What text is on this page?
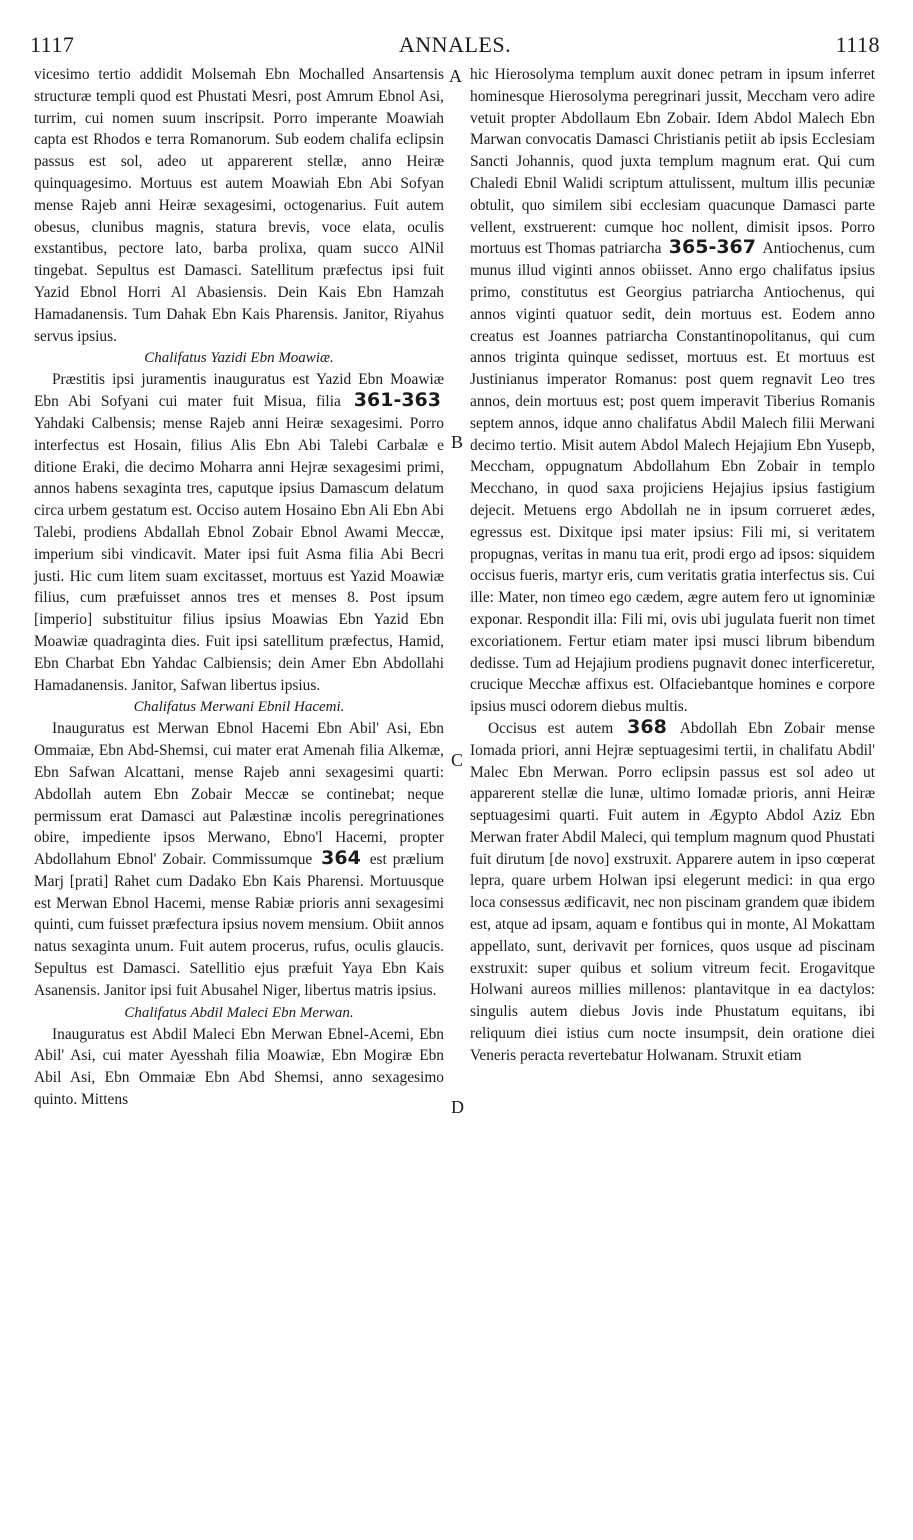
1117	ANNALES.	1118
A
B
C
D

vicesimo tertio addidit Molsemah Ebn Mochalled Ansartensis structuræ templi quod est Phustati Mesri, post Amrum Ebnol Asi, turrim, cui nomen suum inscripsit. Porro imperante Moawiah capta est Rhodos e terra Romanorum. Sub eodem chalifa eclipsin passus est sol, adeo ut apparerent stellæ, anno Heiræ quinquagesimo. Mortuus est autem Moawiah Ebn Abi Sofyan mense Rajeb anni Heiræ sexagesimi, octogenarius. Fuit autem obesus, clunibus magnis, statura brevis, voce elata, oculis exstantibus, pectore lato, barba prolixa, quam succo AlNil tingebat. Sepultus est Damasci. Satellitum præfectus ipsi fuit Yazid Ebnol Horri Al Abasiensis. Dein Kais Ebn Hamzah Hamadanensis. Tum Dahak Ebn Kais Pharensis. Janitor, Riyahus servus ipsius.

Chalifatus Yazidi Ebn Moawiæ.

Præstitis ipsi juramentis inauguratus est Yazid Ebn Moawiæ Ebn Abi Sofyani cui mater fuit Misua, filia 361-363 Yahdaki Calbensis; mense Rajeb anni Heiræ sexagesimi. Porro interfectus est Hosain, filius Alis Ebn Abi Talebi Carbalæ e ditione Eraki, die decimo Moharra anni Hejræ sexagesimi primi, annos habens sexaginta tres, caputque ipsius Damascum delatum circa urbem gestatum est. Occiso autem Hosaino Ebn Ali Ebn Abi Talebi, prodiens Abdallah Ebnol Zobair Ebnol Awami Meccæ, imperium sibi vindicavit. Mater ipsi fuit Asma filia Abi Becri justi. Hic cum litem suam excitasset, mortuus est Yazid Moawiæ filius, cum præfuisset annos tres et menses 8. Post ipsum [imperio] substituitur filius ipsius Moawias Ebn Yazid Ebn Moawiæ quadraginta dies. Fuit ipsi satellitum præfectus, Hamid, Ebn Charbat Ebn Yahdac Calbiensis; dein Amer Ebn Abdollahi Hamadanensis. Janitor, Safwan libertus ipsius.

Chalifatus Merwani Ebnil Hacemi.

Inauguratus est Merwan Ebnol Hacemi Ebn Abil' Asi, Ebn Ommaiæ, Ebn Abd-Shemsi, cui mater erat Amenah filia Alkemæ, Ebn Safwan Alcattani, mense Rajeb anni sexagesimi quarti: Abdollah autem Ebn Zobair Meccæ se continebat; neque permissum erat Damasci aut Palæstinæ incolis peregrinationes obire, impediente ipsos Merwano, Ebno'l Hacemi, propter Abdollahum Ebnol' Zobair. Commissumque 364 est prælium Marj [prati] Rahet cum Dadako Ebn Kais Pharensi. Mortuusque est Merwan Ebnol Hacemi, mense Rabiæ prioris anni sexagesimi quinti, cum fuisset præfectura ipsius novem mensium. Obiit annos natus sexaginta unum. Fuit autem procerus, rufus, oculis glaucis. Sepultus est Damasci. Satellitio ejus præfuit Yaya Ebn Kais Asanensis. Janitor ipsi fuit Abusahel Niger, libertus matris ipsius.

Chalifatus Abdil Maleci Ebn Merwan.

Inauguratus est Abdil Maleci Ebn Merwan Ebnel-Acemi, Ebn Abil' Asi, cui mater Ayesshah filia Moawiæ, Ebn Mogiræ Ebn Abil Asi, Ebn Ommaiæ Ebn Abd Shemsi, anno sexagesimo quinto. Mittens

hic Hierosolyma templum auxit donec petram in ipsum inferret hominesque Hierosolyma peregrinari jussit, Meccham vero adire vetuit propter Abdollaum Ebn Zobair. Idem Abdol Malech Ebn Marwan convocatis Damasci Christianis petiit ab ipsis Ecclesiam Sancti Johannis, quod juxta templum magnum erat. Qui cum Chaledi Ebnil Walidi scriptum attulissent, multum illis pecuniæ obtulit, quo similem sibi ecclesiam quacunque Damasci parte vellent, exstruerent: cumque hoc nollent, dimisit ipsos. Porro mortuus est Thomas patriarcha 365-367 Antiochenus, cum munus illud viginti annos obiisset. Anno ergo chalifatus ipsius primo, constitutus est Georgius patriarcha Antiochenus, qui annos viginti quatuor sedit, dein mortuus est. Eodem anno creatus est Joannes patriarcha Constantinopolitanus, qui cum annos triginta quinque sedisset, mortuus est. Et mortuus est Justinianus imperator Romanus: post quem regnavit Leo tres annos, dein mortuus est; post quem imperavit Tiberius Romanis septem annos, idque anno chalifatus Abdil Malech filii Merwani decimo tertio. Misit autem Abdol Malech Hejajium Ebn Yusepb, Meccham, oppugnatum Abdollahum Ebn Zobair in templo Mecchano, in quod saxa projiciens Hejajius ipsius fastigium dejecit. Metuens ergo Abdollah ne in ipsum corrueret ædes, egressus est. Dixitque ipsi mater ipsius: Fili mi, si veritatem propugnas, veritas in manu tua erit, prodi ergo ad ipsos: siquidem occisus fueris, martyr eris, cum veritatis gratia interfectus sis. Cui ille: Mater, non timeo ego cædem, ægre autem fero ut ignominiæ exponar. Respondit illa: Fili mi, ovis ubi jugulata fuerit non timet excoriationem. Fertur etiam mater ipsi musci librum bibendum dedisse. Tum ad Hejajium prodiens pugnavit donec interficeretur, crucique Mecchæ affixus est. Olfaciebantque homines e corpore ipsius musci odorem diebus multis.

Occisus est autem 368 Abdollah Ebn Zobair mense Iomada priori, anni Hejræ septuagesimi tertii, in chalifatu Abdil' Malec Ebn Merwan. Porro eclipsin passus est sol adeo ut apparerent stellæ die lunæ, ultimo Iomadæ prioris, anni Heiræ septuagesimi quarti. Fuit autem in Ægypto Abdol Aziz Ebn Merwan frater Abdil Maleci, qui templum magnum quod Phustati fuit dirutum [de novo] exstruxit. Apparere autem in ipso cœperat lepra, quare urbem Holwan ipsi elegerunt medici: in qua ergo loca consessus ædificavit, nec non piscinam grandem quæ ibidem est, atque ad ipsam, aquam e fontibus qui in monte, Al Mokattam appellato, sunt, derivavit per fornices, quos usque ad piscinam exstruxit: super quibus et solium vitreum fecit. Erogavitque Holwani aureos millies millenos: plantavitque in ea dactylos: singulis autem diebus Jovis inde Phustatum equitans, ibi reliquum diei istius cum nocte insumpsit, dein oratione diei Veneris peracta revertebatur Holwanam. Struxit etiam
